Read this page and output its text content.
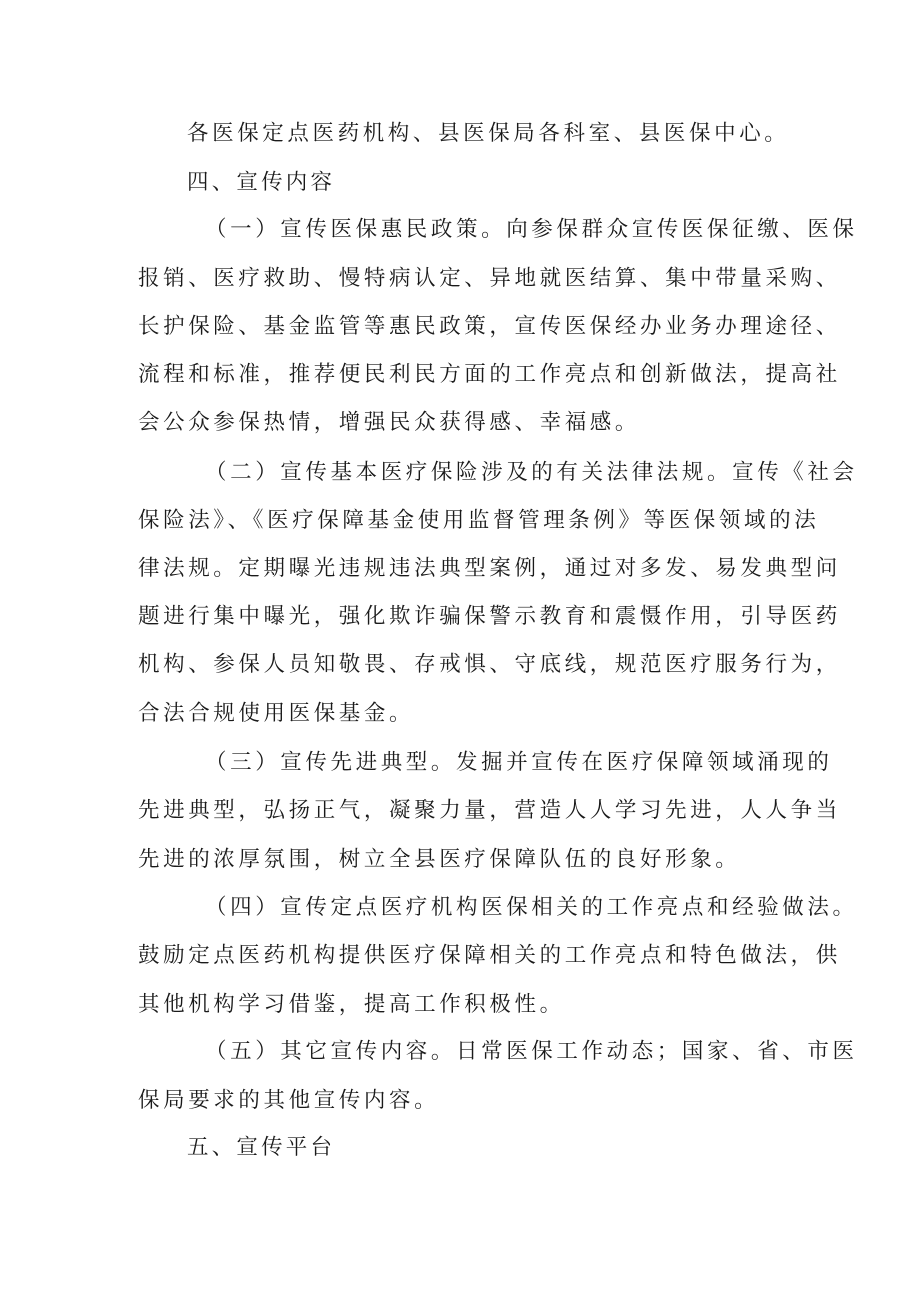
各医保定点医药机构、县医保局各科室、县医保中心。
四、宣传内容
（一）宣传医保惠民政策。向参保群众宣传医保征缴、医保
报销、医疗救助、慢特病认定、异地就医结算、集中带量采购、
长护保险、基金监管等惠民政策，宣传医保经办业务办理途径、
流程和标准，推荐便民利民方面的工作亮点和创新做法，提高社
会公众参保热情，增强民众获得感、幸福感。
（二）宣传基本医疗保险涉及的有关法律法规。宣传《社会
保险法》、《医疗保障基金使用监督管理条例》等医保领域的法
律法规。定期曝光违规违法典型案例，通过对多发、易发典型问
题进行集中曝光，强化欺诈骗保警示教育和震慑作用，引导医药
机构、参保人员知敬畏、存戒惧、守底线，规范医疗服务行为，
合法合规使用医保基金。
（三）宣传先进典型。发掘并宣传在医疗保障领域涌现的
先进典型，弘扬正气，凝聚力量，营造人人学习先进，人人争当
先进的浓厚氛围，树立全县医疗保障队伍的良好形象。
（四）宣传定点医疗机构医保相关的工作亮点和经验做法。
鼓励定点医药机构提供医疗保障相关的工作亮点和特色做法，供
其他机构学习借鉴，提高工作积极性。
（五）其它宣传内容。日常医保工作动态；国家、省、市医
保局要求的其他宣传内容。
五、宣传平台
